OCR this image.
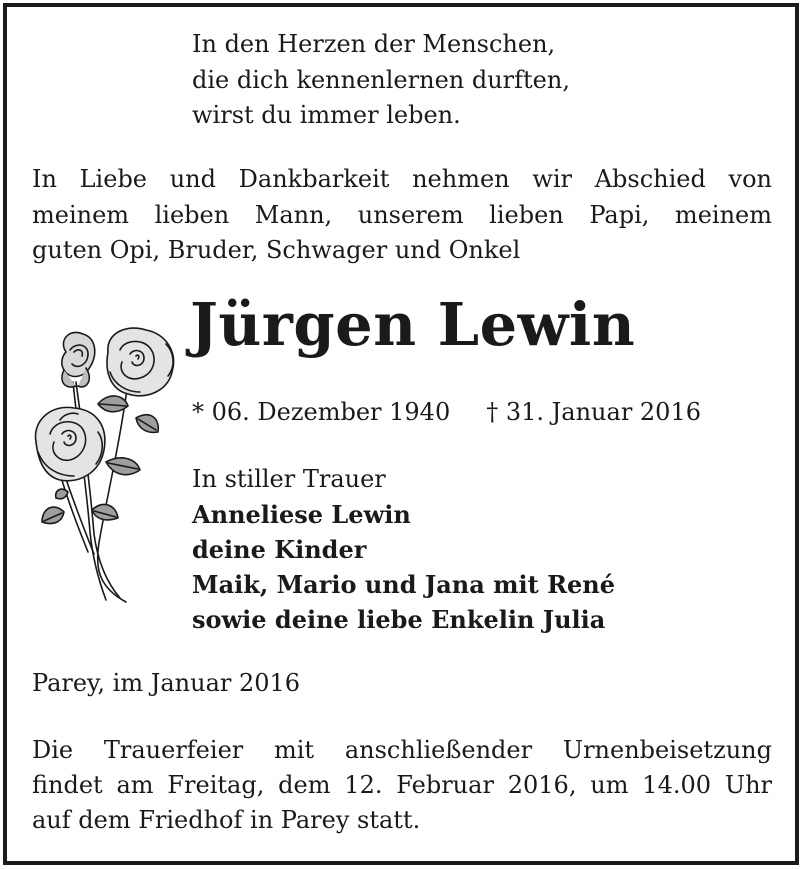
In den Herzen der Menschen,
die dich kennenlernen durften,
wirst du immer leben.
In Liebe und Dankbarkeit nehmen wir Abschied von
meinem lieben Mann, unserem lieben Papi, meinem
guten Opi, Bruder, Schwager und Onkel
Jürgen Lewin
* 06. Dezember 1940 † 31. Januar 2016
In stiller Trauer
Anneliese Lewin
deine Kinder
Maik, Mario und Jana mit René
sowie deine liebe Enkelin Julia
Parey, im Januar 2016
Die Trauerfeier mit anschließender Urnenbeisetzung
findet am Freitag, dem 12. Februar 2016, um 14.00 Uhr
auf dem Friedhof in Parey statt.
